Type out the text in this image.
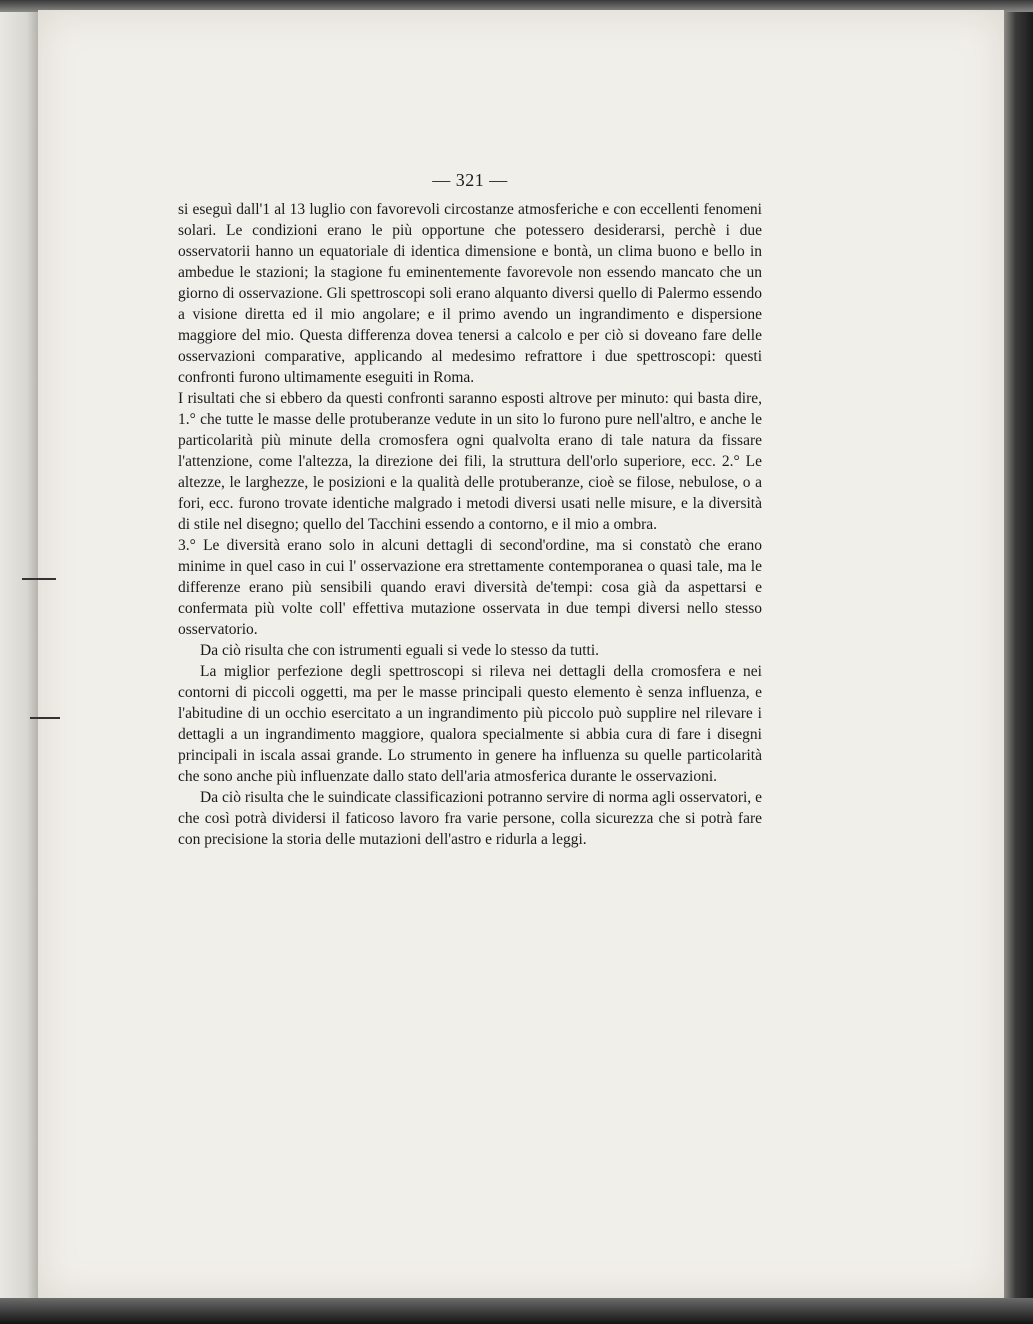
— 321 —

si eseguì dall'1 al 13 luglio con favorevoli circostanze atmosferiche e con eccellenti fenomeni solari. Le condizioni erano le più opportune che potessero desiderarsi, perchè i due osservatorii hanno un equatoriale di identica dimensione e bontà, un clima buono e bello in ambedue le stazioni; la stagione fu eminentemente favorevole non essendo mancato che un giorno di osservazione. Gli spettroscopi soli erano alquanto diversi quello di Palermo essendo a visione diretta ed il mio angolare; e il primo avendo un ingrandimento e dispersione maggiore del mio. Questa differenza dovea tenersi a calcolo e per ciò si doveano fare delle osservazioni comparative, applicando al medesimo refrattore i due spettroscopi: questi confronti furono ultimamente eseguiti in Roma.

I risultati che si ebbero da questi confronti saranno esposti altrove per minuto: qui basta dire, 1.° che tutte le masse delle protuberanze vedute in un sito lo furono pure nell'altro, e anche le particolarità più minute della cromosfera ogni qualvolta erano di tale natura da fissare l'attenzione, come l'altezza, la direzione dei fili, la struttura dell'orlo superiore, ecc. 2.° Le altezze, le larghezze, le posizioni e la qualità delle protuberanze, cioè se filose, nebulose, o a fori, ecc. furono trovate identiche malgrado i metodi diversi usati nelle misure, e la diversità di stile nel disegno; quello del Tacchini essendo a contorno, e il mio a ombra.

3.° Le diversità erano solo in alcuni dettagli di second'ordine, ma si constatò che erano minime in quel caso in cui l' osservazione era strettamente contemporanea o quasi tale, ma le differenze erano più sensibili quando eravi diversità de'tempi: cosa già da aspettarsi e confermata più volte coll' effettiva mutazione osservata in due tempi diversi nello stesso osservatorio.

Da ciò risulta che con istrumenti eguali si vede lo stesso da tutti.

La miglior perfezione degli spettroscopi si rileva nei dettagli della cromosfera e nei contorni di piccoli oggetti, ma per le masse principali questo elemento è senza influenza, e l'abitudine di un occhio esercitato a un ingrandimento più piccolo può supplire nel rilevare i dettagli a un ingrandimento maggiore, qualora specialmente si abbia cura di fare i disegni principali in iscala assai grande. Lo strumento in genere ha influenza su quelle particolarità che sono anche più influenzate dallo stato dell'aria atmosferica durante le osservazioni.

Da ciò risulta che le suindicate classificazioni potranno servire di norma agli osservatori, e che così potrà dividersi il faticoso lavoro fra varie persone, colla sicurezza che si potrà fare con precisione la storia delle mutazioni dell'astro e ridurla a leggi.
